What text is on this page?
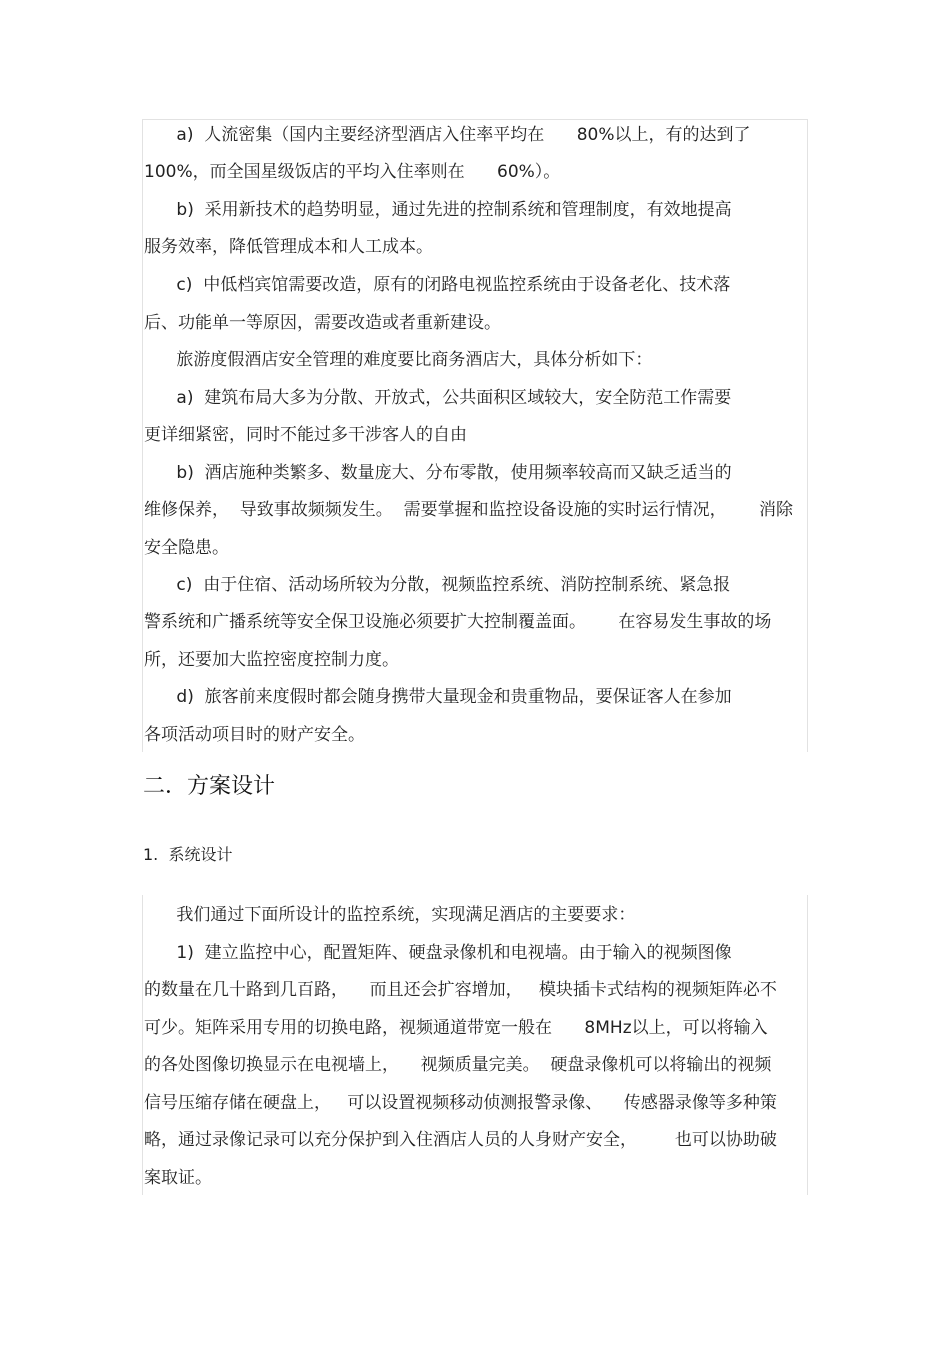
a)  人流密集（国内主要经济型酒店入住率平均在      80%以上，有的达到了
100%，而全国星级饭店的平均入住率则在      60%）。
b)  采用新技术的趋势明显，通过先进的控制系统和管理制度，有效地提高
服务效率，降低管理成本和人工成本。
c)  中低档宾馆需要改造，原有的闭路电视监控系统由于设备老化、技术落
后、功能单一等原因，需要改造或者重新建设。
旅游度假酒店安全管理的难度要比商务酒店大，具体分析如下：
a)  建筑布局大多为分散、开放式，公共面积区域较大，安全防范工作需要
更详细紧密，同时不能过多干涉客人的自由
b)  酒店施种类繁多、数量庞大、分布零散，使用频率较高而又缺乏适当的
维修保养，  导致事故频频发生。  需要掌握和监控设备设施的实时运行情况，      消除
安全隐患。
c)  由于住宿、活动场所较为分散，视频监控系统、消防控制系统、紧急报
警系统和广播系统等安全保卫设施必须要扩大控制覆盖面。      在容易发生事故的场
所，还要加大监控密度控制力度。
d)  旅客前来度假时都会随身携带大量现金和贵重物品，要保证客人在参加
各项活动项目时的财产安全。
二．方案设计
1.  系统设计
我们通过下面所设计的监控系统，实现满足酒店的主要要求：
1)  建立监控中心，配置矩阵、硬盘录像机和电视墙。由于输入的视频图像
的数量在几十路到几百路，    而且还会扩容增加，   模块插卡式结构的视频矩阵必不
可少。矩阵采用专用的切换电路，视频通道带宽一般在      8MHz以上，可以将输入
的各处图像切换显示在电视墙上，    视频质量完美。  硬盘录像机可以将输出的视频
信号压缩存储在硬盘上，   可以设置视频移动侦测报警录像、    传感器录像等多种策
略，通过录像记录可以充分保护到入住酒店人员的人身财产安全，       也可以协助破
案取证。
